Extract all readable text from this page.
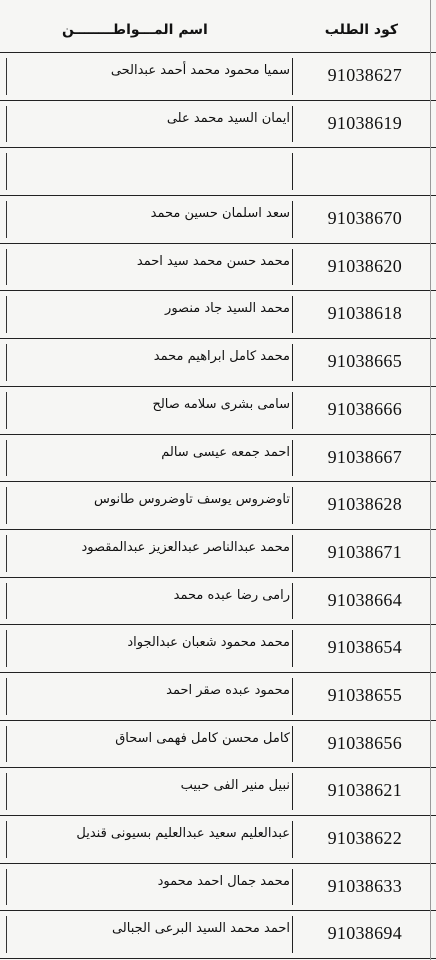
كود الطلب
اسم المـــواطــــــــن
91038627
سميا محمود محمد أحمد عبدالحى
91038619
ايمان السيد محمد على
91038670
سعد اسلمان حسين محمد
91038620
محمد حسن محمد سيد احمد
91038618
محمد السيد جاد منصور
91038665
محمد كامل ابراهيم محمد
91038666
سامى بشرى سلامه صالح
91038667
احمد جمعه عيسى سالم
91038628
تاوضروس يوسف تاوضروس طانوس
91038671
محمد عبدالناصر عبدالعزيز عبدالمقصود
91038664
رامى رضا عبده محمد
91038654
محمد محمود شعبان عبدالجواد
91038655
محمود عبده صقر احمد
91038656
كامل محسن كامل فهمى اسحاق
91038621
نبيل منير الفى حبيب
91038622
عبدالعليم سعيد عبدالعليم بسيونى قنديل
91038633
محمد جمال احمد محمود
91038694
احمد محمد السيد البرعى الجبالى
